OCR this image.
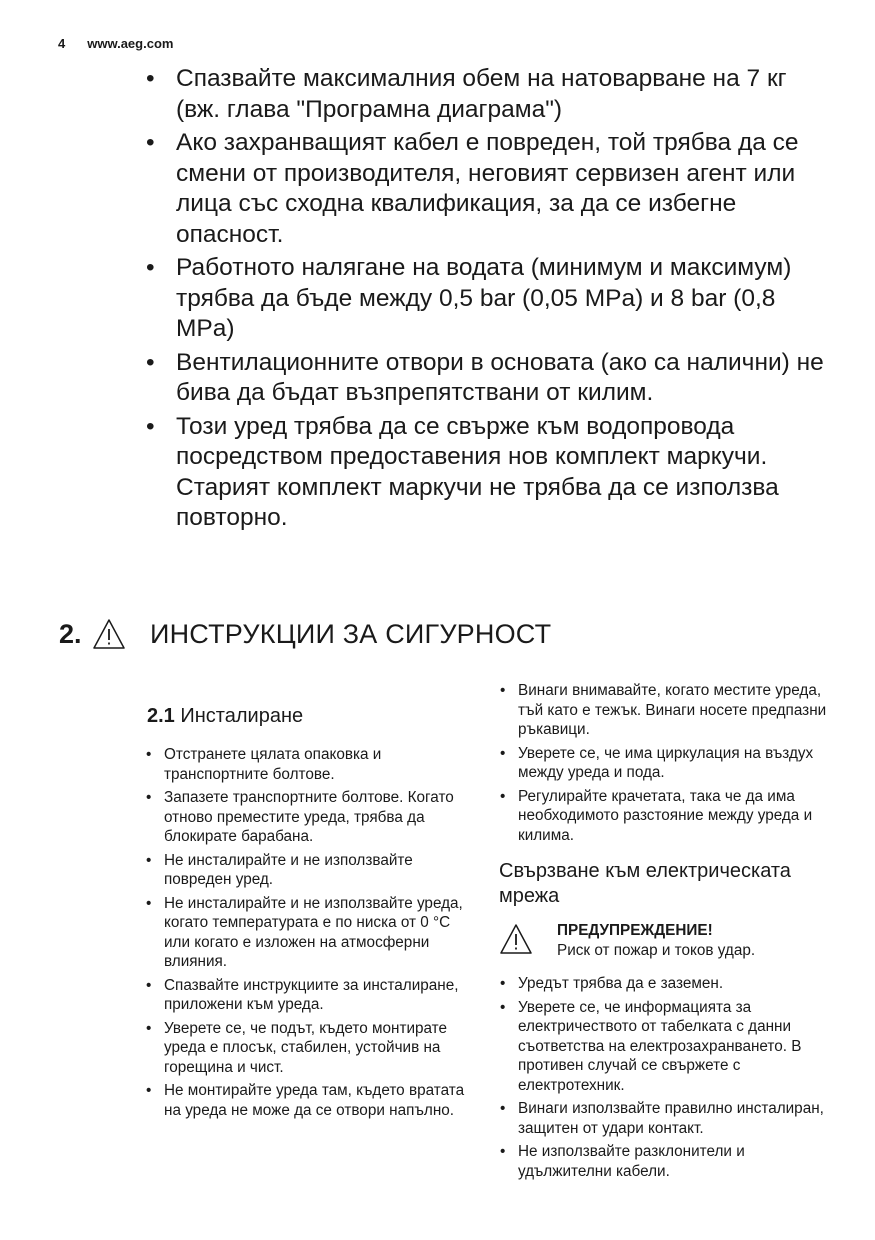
4 www.aeg.com
• Спазвайте максималния обем на натоварване на 7 кг (вж. глава "Програмна диаграма")
• Ако захранващият кабел е повреден, той трябва да се смени от производителя, неговият сервизен агент или лица със сходна квалификация, за да се избегне опасност.
• Работното налягане на водата (минимум и максимум) трябва да бъде между 0,5 bar (0,05 MPa) и 8 bar (0,8 MPa)
• Вентилационните отвори в основата (ако са налични) не бива да бъдат възпрепятствани от килим.
• Този уред трябва да се свърже към водопровода посредством предоставения нов комплект маркучи. Старият комплект маркучи не трябва да се използва повторно.
2.	ИНСТРУКЦИИ ЗА СИГУРНОСТ
2.1 Инсталиране
• Отстранете цялата опаковка и транспортните болтове.
• Запазете транспортните болтове. Когато отново преместите уреда, трябва да блокирате барабана.
• Не инсталирайте и не използвайте повреден уред.
• Не инсталирайте и не използвайте уреда, когато температурата е по ниска от 0 °C или когато е изложен на атмосферни влияния.
• Спазвайте инструкциите за инсталиране, приложени към уреда.
• Уверете се, че подът, където монтирате уреда е плосък, стабилен, устойчив на горещина и чист.
• Не монтирайте уреда там, където вратата на уреда не може да се отвори напълно.
• Винаги внимавайте, когато местите уреда, тъй като е тежък. Винаги носете предпазни ръкавици.
• Уверете се, че има циркулация на въздух между уреда и пода.
• Регулирайте крачетата, така че да има необходимото разстояние между уреда и килима.
Свързване към електрическата мрежа
ПРЕДУПРЕЖДЕНИЕ!
Риск от пожар и токов удар.
• Уредът трябва да е заземен.
• Уверете се, че информацията за електричеството от табелката с данни съответства на електрозахранването. В противен случай се свържете с електротехник.
• Винаги използвайте правилно инсталиран, защитен от удари контакт.
• Не използвайте разклонители и удължителни кабели.
